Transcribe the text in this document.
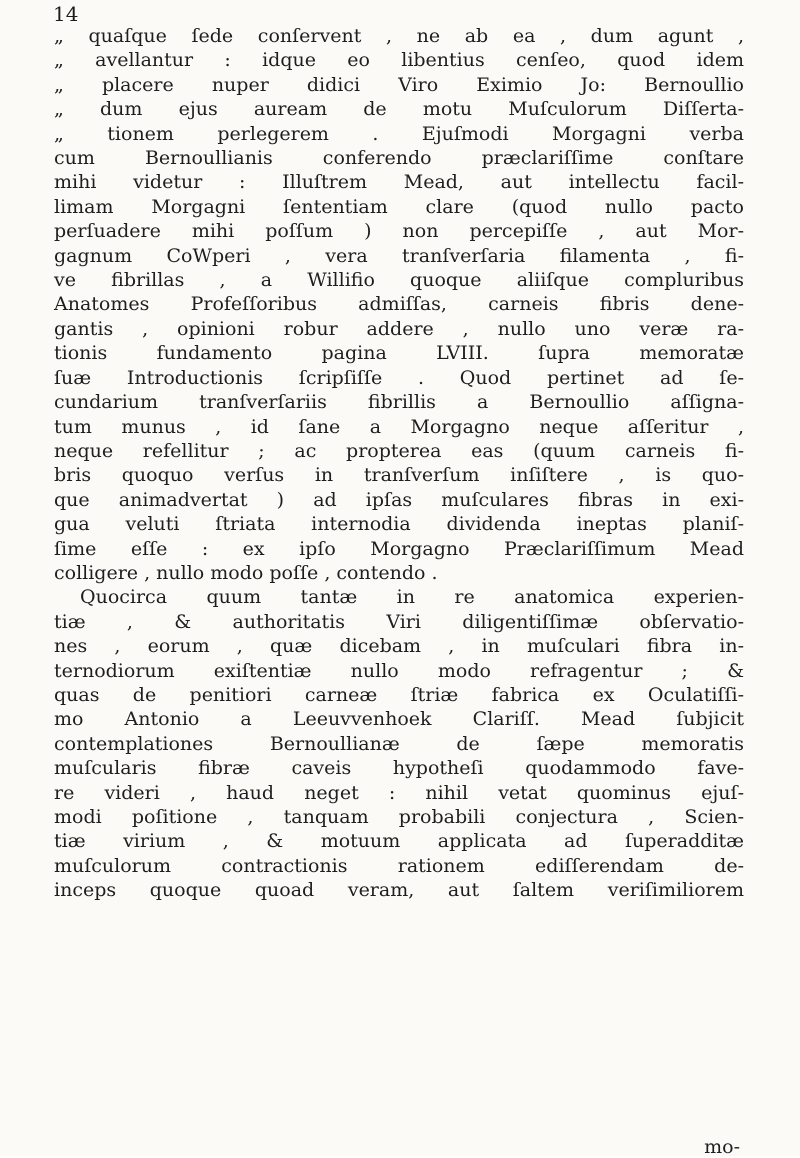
14
„ quaſque ſede conſervent , ne ab ea , dum agunt ,
„ avellantur : idque eo libentius cenſeo, quod idem
„ placere nuper didici Viro Eximio Jo: Bernoullio
„ dum ejus auream de motu Muſculorum Diſſerta-
„ tionem perlegerem . Ejuſmodi Morgagni verba
cum Bernoullianis conferendo præclariſſime conſtare
mihi videtur : Illuſtrem Mead, aut intellectu facil-
limam Morgagni ſententiam clare (quod nullo pacto
perſuadere mihi poſſum ) non percepiſſe , aut Mor-
gagnum CoWperi , vera tranſverſaria filamenta , fi-
ve fibrillas , a Willifio quoque aliiſque compluribus
Anatomes Profeſſoribus admiſſas, carneis fibris dene-
gantis , opinioni robur addere , nullo uno veræ ra-
tionis fundamento pagina LVIII. ſupra memoratæ
ſuæ Introductionis ſcripſiſſe . Quod pertinet ad ſe-
cundarium tranſverſariis fibrillis a Bernoullio aſſigna-
tum munus , id ſane a Morgagno neque aſſeritur ,
neque refellitur ; ac propterea eas (quum carneis fi-
bris quoquo verſus in tranſverſum inſiſtere , is quo-
que animadvertat ) ad ipſas muſculares fibras in exi-
gua veluti ſtriata internodia dividenda ineptas planiſ-
ſime eſſe : ex ipſo Morgagno Præclariſſimum Mead
colligere , nullo modo poſſe , contendo .
Quocirca quum tantæ in re anatomica experien-
tiæ , & authoritatis Viri diligentiſſimæ obſervatio-
nes , eorum , quæ dicebam , in muſculari fibra in-
ternodiorum exiſtentiæ nullo modo refragentur ; &
quas de penitiori carneæ ſtriæ fabrica ex Oculatiſſi-
mo Antonio a Leeuvvenhoek Clariſſ. Mead ſubjicit
contemplationes Bernoullianæ de ſæpe memoratis
muſcularis fibræ caveis hypotheſi quodammodo fave-
re videri , haud neget : nihil vetat quominus ejuſ-
modi poſitione , tanquam probabili conjectura , Scien-
tiæ virium , & motuum applicata ad ſuperadditæ
muſculorum contractionis rationem ediſſerendam de-
inceps quoque quoad veram, aut ſaltem veriſimiliorem
mo-
